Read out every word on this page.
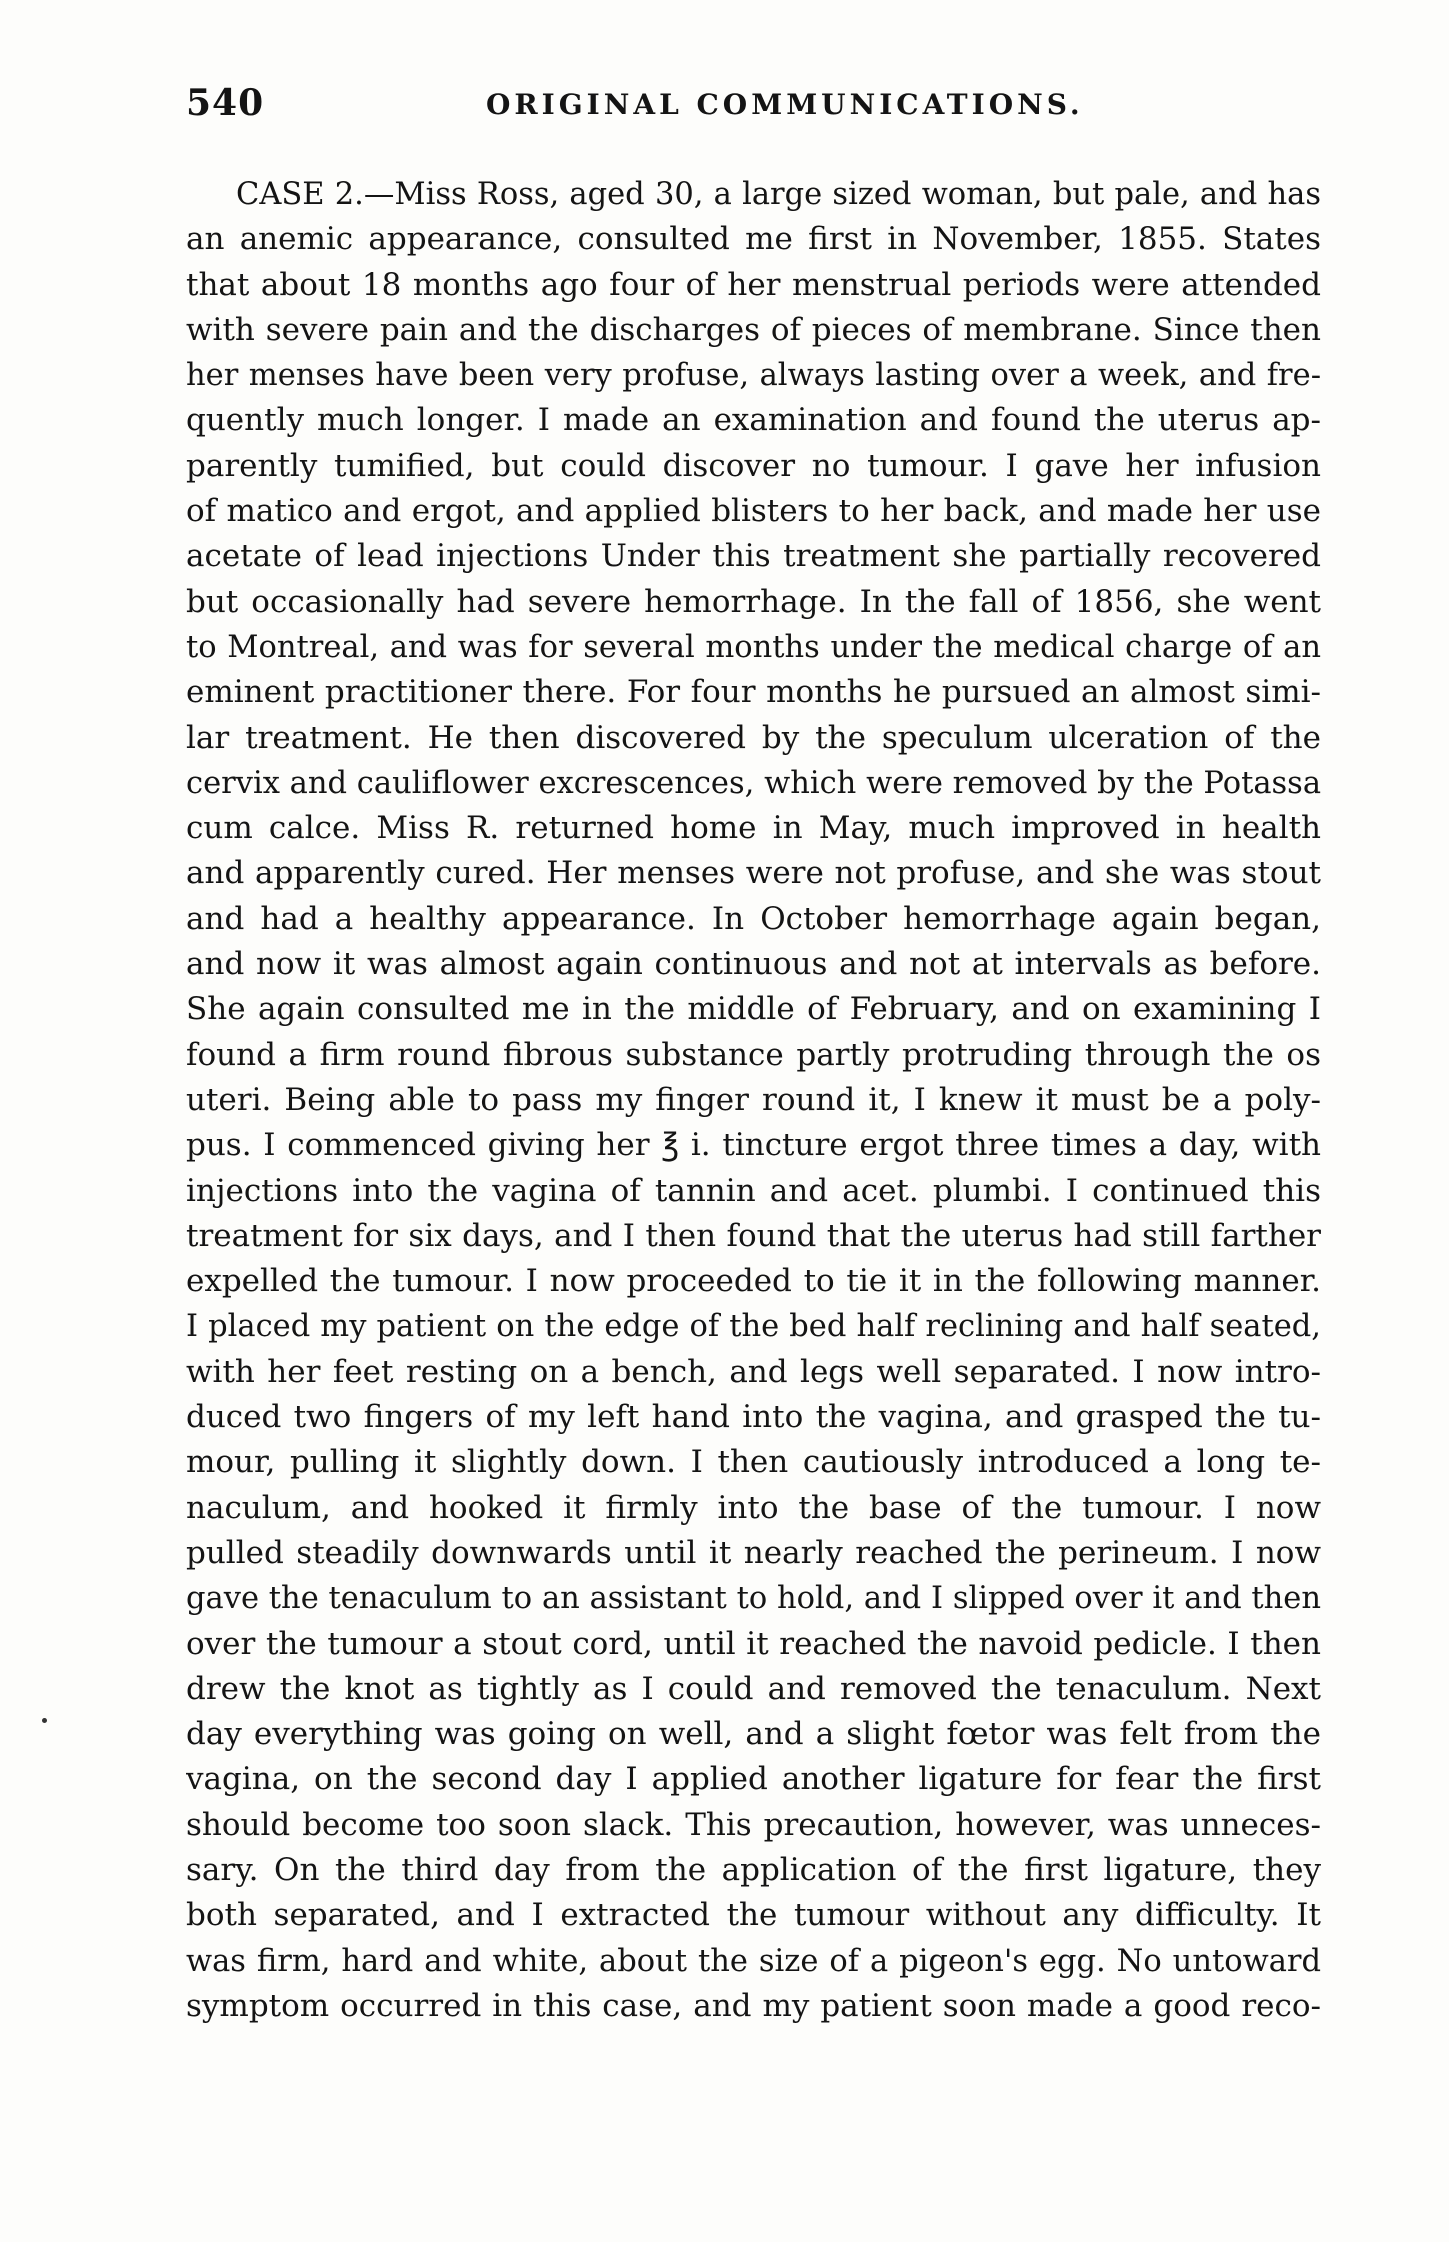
540	ORIGINAL COMMUNICATIONS.
CASE 2.—Miss Ross, aged 30, a large sized woman, but pale, and has
an anemic appearance, consulted me first in November, 1855. States
that about 18 months ago four of her menstrual periods were attended
with severe pain and the discharges of pieces of membrane. Since then
her menses have been very profuse, always lasting over a week, and fre-
quently much longer. I made an examination and found the uterus ap-
parently tumified, but could discover no tumour. I gave her infusion
of matico and ergot, and applied blisters to her back, and made her use
acetate of lead injections Under this treatment she partially recovered
but occasionally had severe hemorrhage. In the fall of 1856, she went
to Montreal, and was for several months under the medical charge of an
eminent practitioner there. For four months he pursued an almost simi-
lar treatment. He then discovered by the speculum ulceration of the
cervix and cauliflower excrescences, which were removed by the Potassa
cum calce. Miss R. returned home in May, much improved in health
and apparently cured. Her menses were not profuse, and she was stout
and had a healthy appearance. In October hemorrhage again began,
and now it was almost again continuous and not at intervals as before.
She again consulted me in the middle of February, and on examining I
found a firm round fibrous substance partly protruding through the os
uteri. Being able to pass my finger round it, I knew it must be a poly-
pus. I commenced giving her ℥ i. tincture ergot three times a day, with
injections into the vagina of tannin and acet. plumbi. I continued this
treatment for six days, and I then found that the uterus had still farther
expelled the tumour. I now proceeded to tie it in the following manner.
I placed my patient on the edge of the bed half reclining and half seated,
with her feet resting on a bench, and legs well separated. I now intro-
duced two fingers of my left hand into the vagina, and grasped the tu-
mour, pulling it slightly down. I then cautiously introduced a long te-
naculum, and hooked it firmly into the base of the tumour. I now
pulled steadily downwards until it nearly reached the perineum. I now
gave the tenaculum to an assistant to hold, and I slipped over it and then
over the tumour a stout cord, until it reached the navoid pedicle. I then
drew the knot as tightly as I could and removed the tenaculum. Next
day everything was going on well, and a slight fœtor was felt from the
vagina, on the second day I applied another ligature for fear the first
should become too soon slack. This precaution, however, was unneces-
sary. On the third day from the application of the first ligature, they
both separated, and I extracted the tumour without any difficulty. It
was firm, hard and white, about the size of a pigeon's egg. No untoward
symptom occurred in this case, and my patient soon made a good reco-
